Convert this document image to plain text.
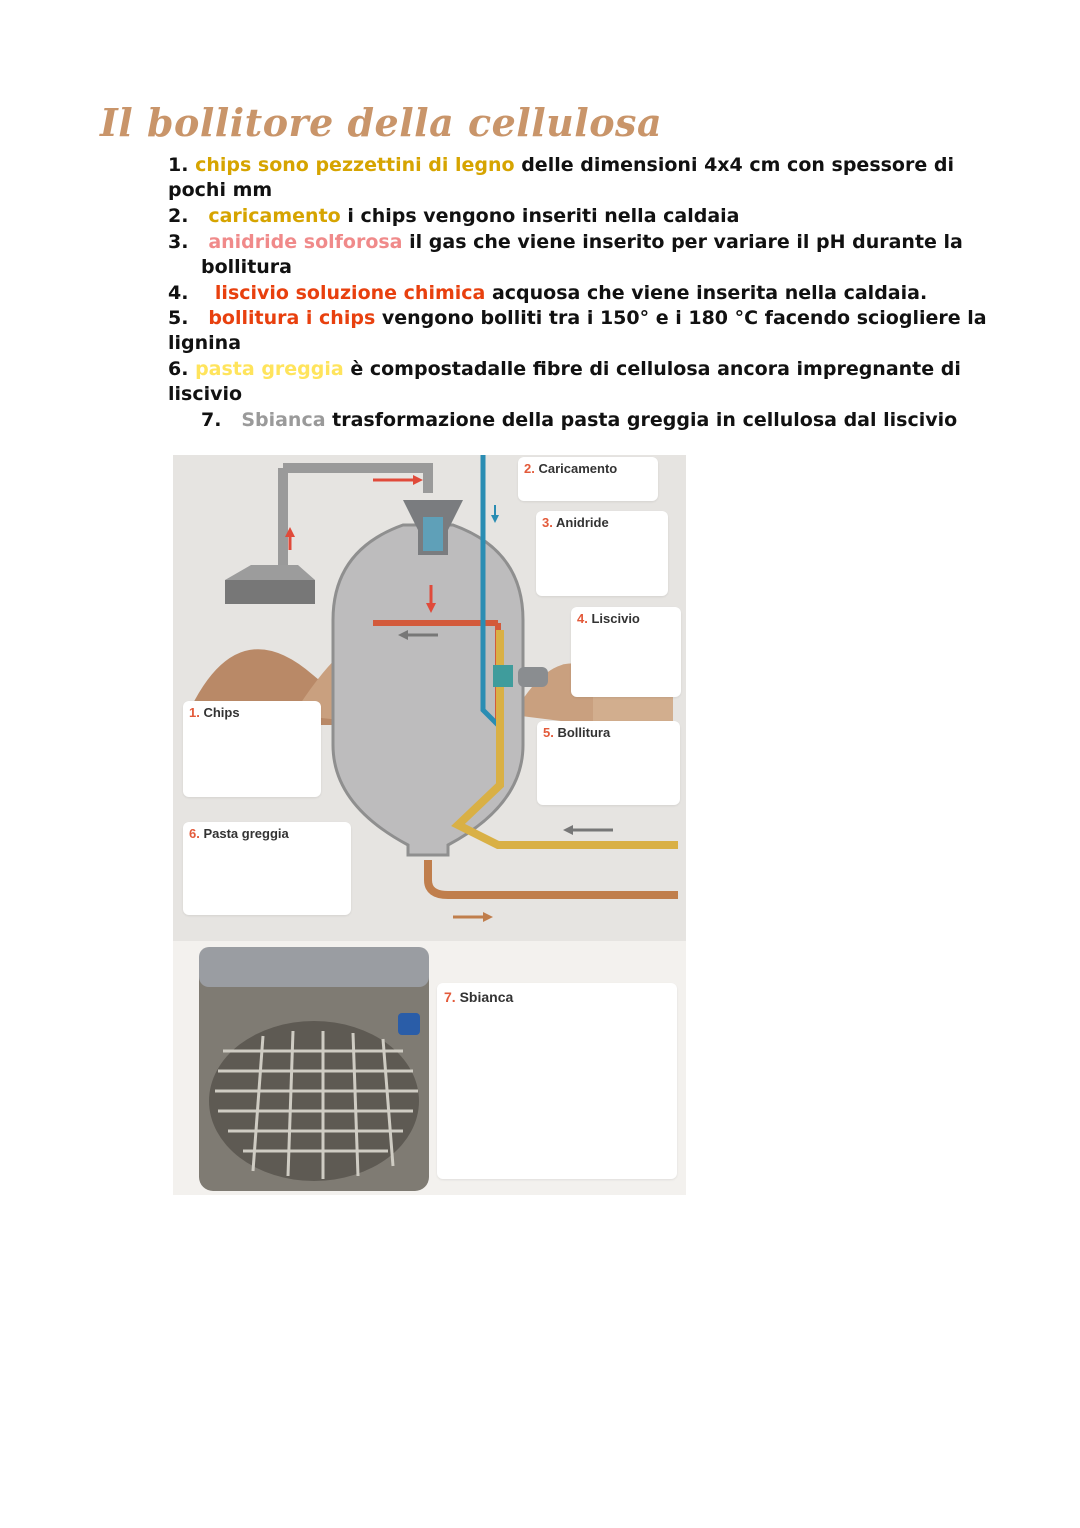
Il bollitore della cellulosa
1. chips sono pezzettini di legno delle dimensioni 4x4 cm con spessore di
pochi mm
2. caricamento i chips vengono inseriti nella caldaia
3. anidride solforosa il gas che viene inserito per variare il pH durante la
bollitura
4. liscivio soluzione chimica acquosa che viene inserita nella caldaia.
5. bollitura i chips vengono bolliti tra i 150° e i 180 °C facendo sciogliere la
lignina
6. pasta greggia è compostadalle fibre di cellulosa ancora impregnante di
liscivio
7. Sbianca trasformazione della pasta greggia in cellulosa dal liscivio
2. Caricamento
3. Anidride
4. Liscivio
1. Chips
5. Bollitura
6. Pasta greggia
7. Sbianca
